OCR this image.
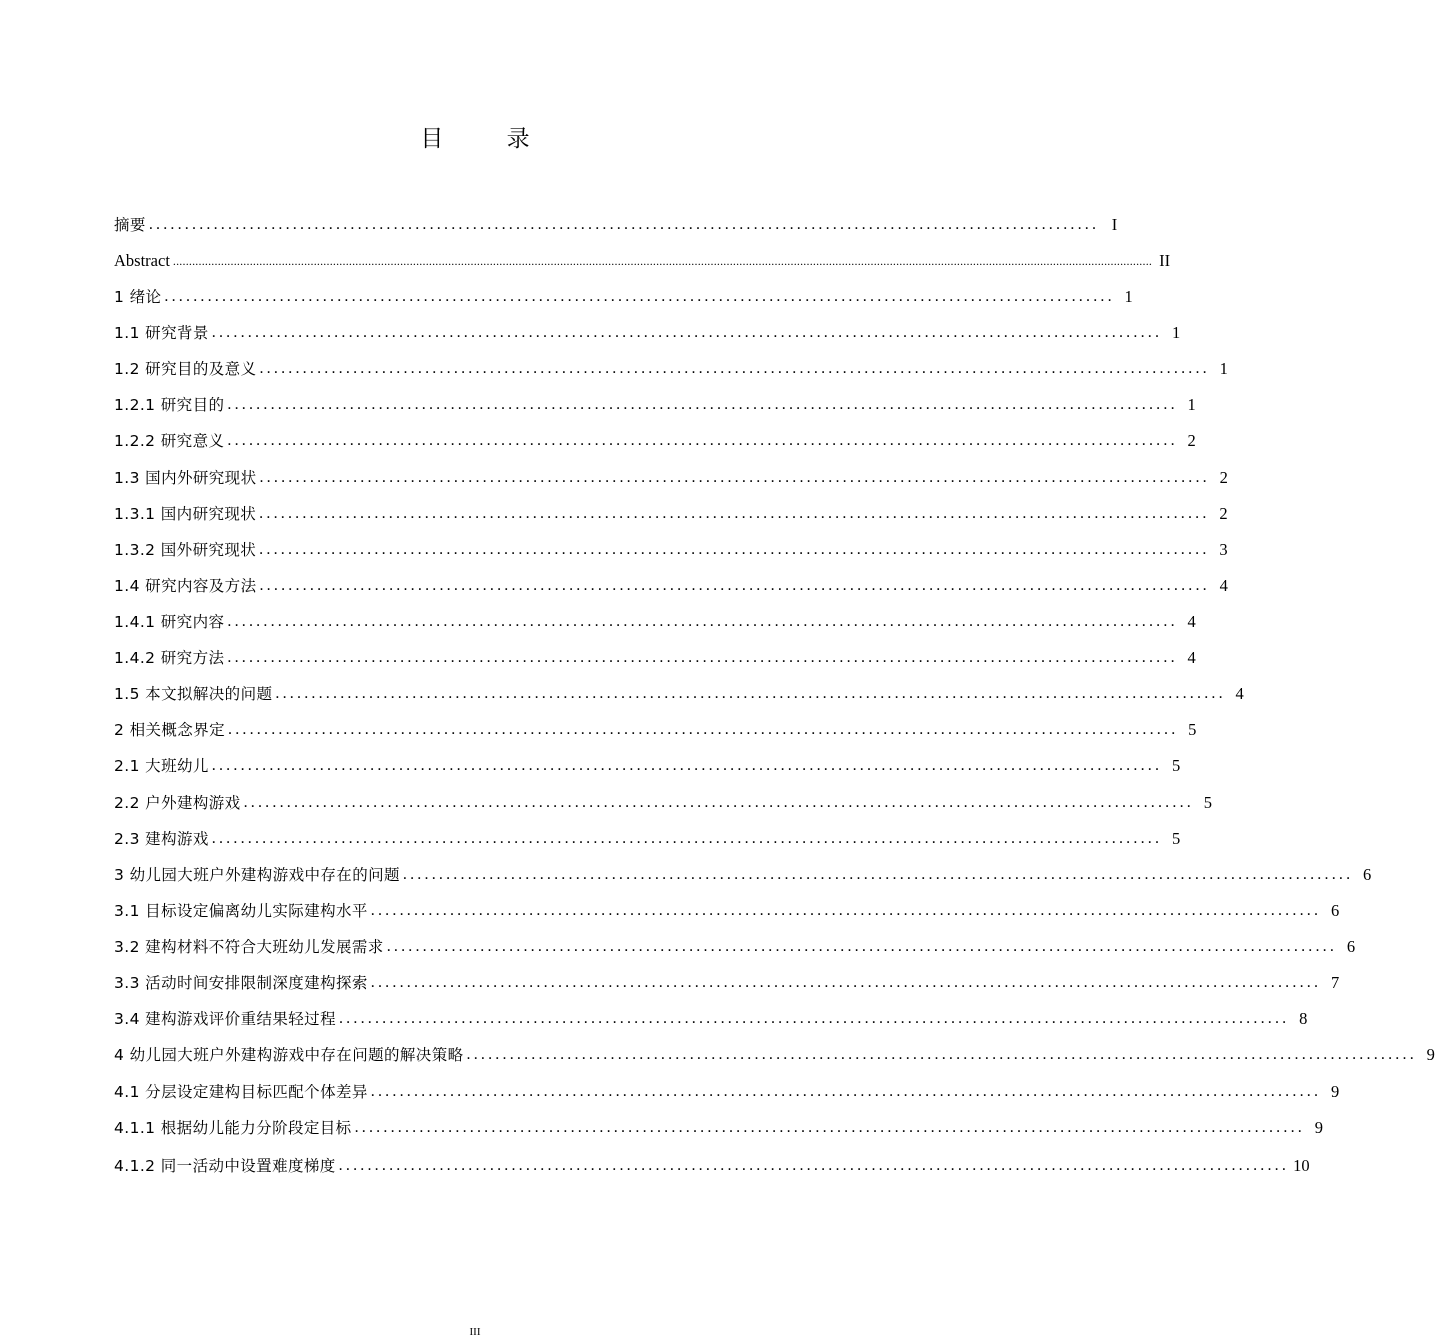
目 录
摘要 .................................................................................................................................... I
Abstract .................................................................................................................................................................................................................................................................................................................. II
1 绪论 .................................................................................................................................... 1
1.1 研究背景 .................................................................................................................................... 1
1.2 研究目的及意义 .................................................................................................................................... 1
1.2.1 研究目的 .................................................................................................................................... 1
1.2.2 研究意义 .................................................................................................................................... 2
1.3 国内外研究现状 .................................................................................................................................... 2
1.3.1 国内研究现状 .................................................................................................................................... 2
1.3.2 国外研究现状 .................................................................................................................................... 3
1.4 研究内容及方法 .................................................................................................................................... 4
1.4.1 研究内容 .................................................................................................................................... 4
1.4.2 研究方法 .................................................................................................................................... 4
1.5 本文拟解决的问题 .................................................................................................................................... 4
2 相关概念界定 .................................................................................................................................... 5
2.1 大班幼儿 .................................................................................................................................... 5
2.2 户外建构游戏 .................................................................................................................................... 5
2.3 建构游戏 .................................................................................................................................... 5
3 幼儿园大班户外建构游戏中存在的问题 .................................................................................................................................... 6
3.1 目标设定偏离幼儿实际建构水平 .................................................................................................................................... 6
3.2 建构材料不符合大班幼儿发展需求 .................................................................................................................................... 6
3.3 活动时间安排限制深度建构探索 .................................................................................................................................... 7
3.4 建构游戏评价重结果轻过程 .................................................................................................................................... 8
4 幼儿园大班户外建构游戏中存在问题的解决策略 .................................................................................................................................... 9
4.1 分层设定建构目标匹配个体差异 .................................................................................................................................... 9
4.1.1 根据幼儿能力分阶段定目标 .................................................................................................................................... 9
4.1.2 同一活动中设置难度梯度 .................................................................................................................................... 10
III
